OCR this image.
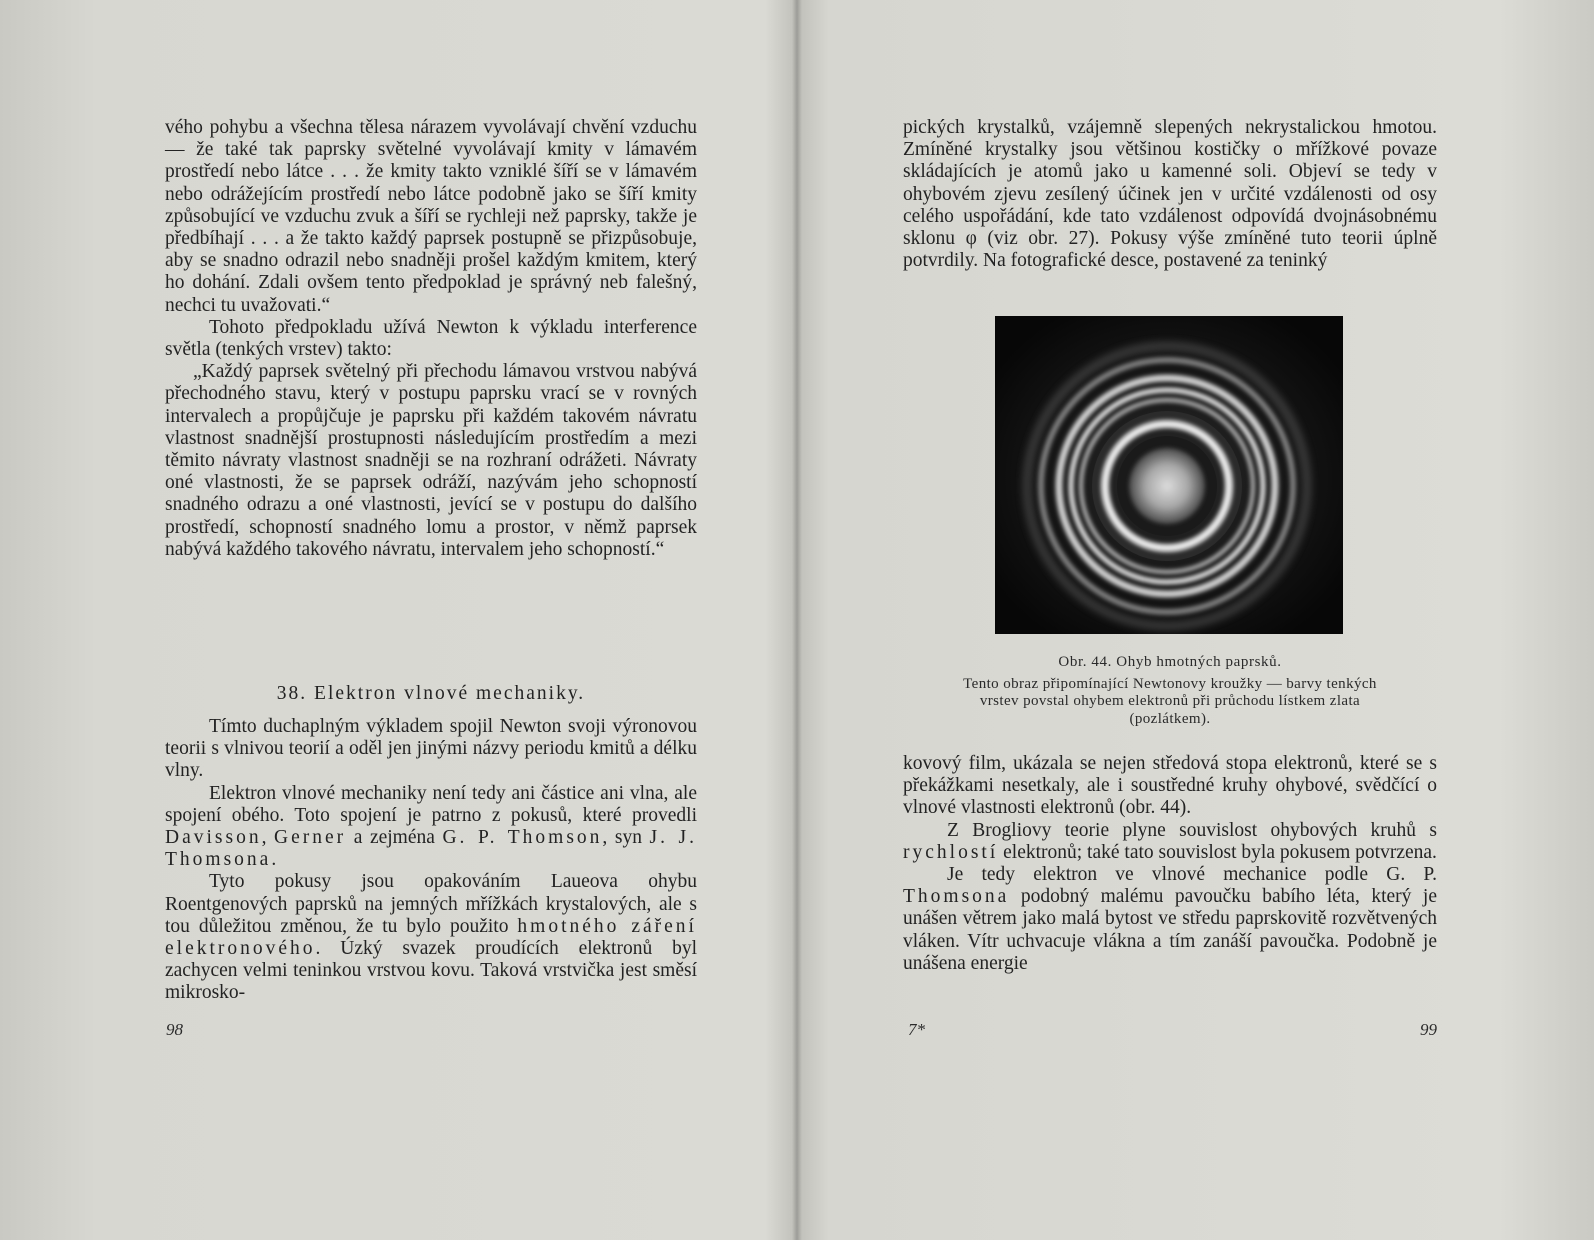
vého pohybu a všechna tělesa nárazem vyvolávají chvění vzduchu — že také tak paprsky světelné vyvolávají kmity v lámavém prostředí nebo látce . . . že kmity takto vzniklé šíří se v lámavém nebo odrážejícím prostředí nebo látce podobně jako se šíří kmity způsobující ve vzduchu zvuk a šíří se rychleji než paprsky, takže je předbíhají . . . a že takto každý paprsek postupně se přizpůsobuje, aby se snadno odrazil nebo snadněji prošel každým kmitem, který ho dohání. Zdali ovšem tento předpoklad je správný neb falešný, nechci tu uvažovati.“

Tohoto předpokladu užívá Newton k výkladu interference světla (tenkých vrstev) takto:

„Každý paprsek světelný při přechodu lámavou vrstvou nabývá přechodného stavu, který v postupu paprsku vrací se v rovných intervalech a propůjčuje je paprsku při každém takovém návratu vlastnost snadnější prostupnosti následujícím prostředím a mezi těmito návraty vlastnost snadněji se na rozhraní odrážeti. Návraty oné vlastnosti, že se paprsek odráží, nazývám jeho schopností snadného odrazu a oné vlastnosti, jevící se v postupu do dalšího prostředí, schopností snadného lomu a prostor, v němž paprsek nabývá každého takového návratu, intervalem jeho schopností.“

38. Elektron vlnové mechaniky.

Tímto duchaplným výkladem spojil Newton svoji výronovou teorii s vlnivou teorií a oděl jen jinými názvy periodu kmitů a délku vlny.

Elektron vlnové mechaniky není tedy ani částice ani vlna, ale spojení obého. Toto spojení je patrno z pokusů, které provedli Davisson, Gerner a zejména G. P. Thomson, syn J. J. Thomsona.

Tyto pokusy jsou opakováním Laueova ohybu Roentgenových paprsků na jemných mřížkách krystalových, ale s tou důležitou změnou, že tu bylo použito hmotného záření elektronového. Úzký svazek proudících elektronů byl zachycen velmi teninkou vrstvou kovu. Taková vrstvička jest směsí mikrosko-

98

pických krystalků, vzájemně slepených nekrystalickou hmotou. Zmíněné krystalky jsou většinou kostičky o mřížkové povaze skládajících je atomů jako u kamenné soli. Objeví se tedy v ohybovém zjevu zesílený účinek jen v určité vzdálenosti od osy celého uspořádání, kde tato vzdálenost odpovídá dvojnásobnému sklonu φ (viz obr. 27). Pokusy výše zmíněné tuto teorii úplně potvrdily. Na fotografické desce, postavené za teninký

Obr. 44. Ohyb hmotných paprsků.
Tento obraz připomínající Newtonovy kroužky — barvy tenkých vrstev povstal ohybem elektronů při průchodu lístkem zlata (pozlátkem).

kovový film, ukázala se nejen středová stopa elektronů, které se s překážkami nesetkaly, ale i soustředné kruhy ohybové, svědčící o vlnové vlastnosti elektronů (obr. 44).

Z Brogliovy teorie plyne souvislost ohybových kruhů s rychlostí elektronů; také tato souvislost byla pokusem potvrzena.

Je tedy elektron ve vlnové mechanice podle G. P. Thomsona podobný malému pavoučku babího léta, který je unášen větrem jako malá bytost ve středu paprskovitě rozvětvených vláken. Vítr uchvacuje vlákna a tím zanáší pavoučka. Podobně je unášena energie

7*	99
